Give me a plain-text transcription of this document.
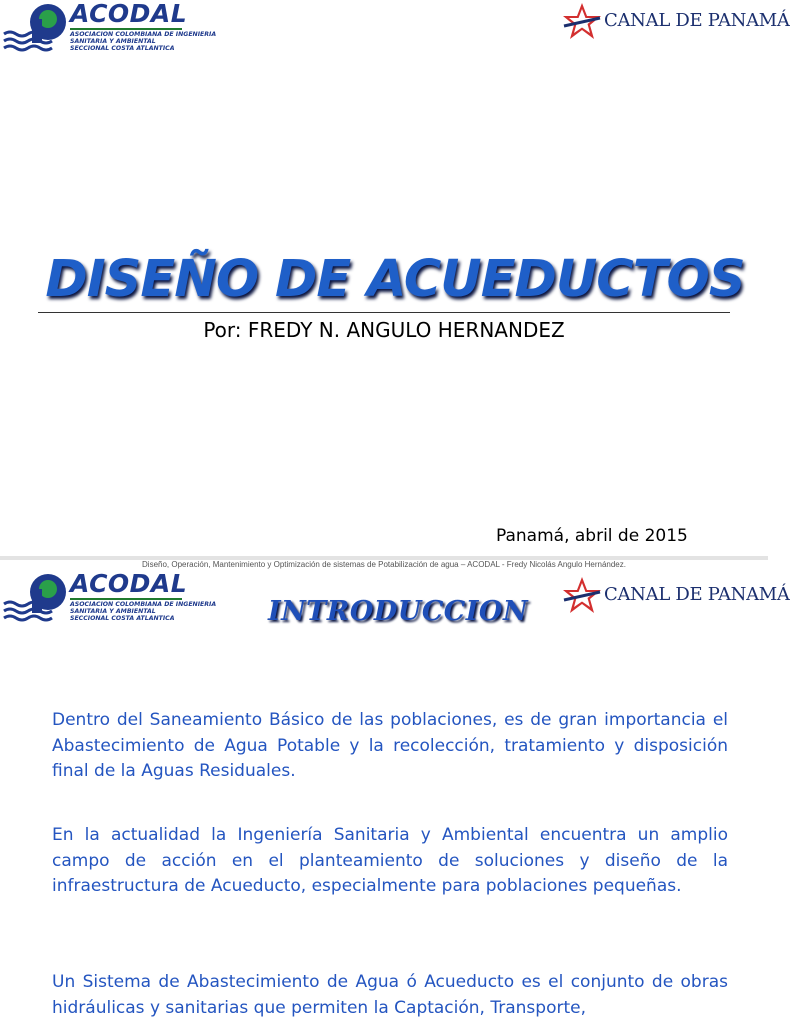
ACODAL
ASOCIACION COLOMBIANA DE INGENIERIA
SANITARIA Y AMBIENTAL
SECCIONAL COSTA ATLANTICA
CANAL DE PANAMÁ
DISEÑO DE ACUEDUCTOS
Por: FREDY N. ANGULO HERNANDEZ
Panamá, abril de 2015
ACODAL
ASOCIACION COLOMBIANA DE INGENIERIA
SANITARIA Y AMBIENTAL
SECCIONAL COSTA ATLANTICA
CANAL DE PANAMÁ
INTRODUCCION

Dentro del Saneamiento Básico de las poblaciones, es de gran importancia el Abastecimiento de Agua Potable y la recolección, tratamiento y disposición final de la Aguas Residuales.

En la actualidad la Ingeniería Sanitaria y Ambiental encuentra un amplio campo de acción en el planteamiento de soluciones y diseño de la infraestructura de Acueducto, especialmente para poblaciones pequeñas.

Un Sistema de Abastecimiento de Agua ó Acueducto es el conjunto de obras hidráulicas y sanitarias que permiten la Captación, Transporte,

Diseño, Operación, Mantenimiento y Optimización de sistemas de Potabilización de agua – ACODAL - Fredy Nicolás Angulo Hernández.
